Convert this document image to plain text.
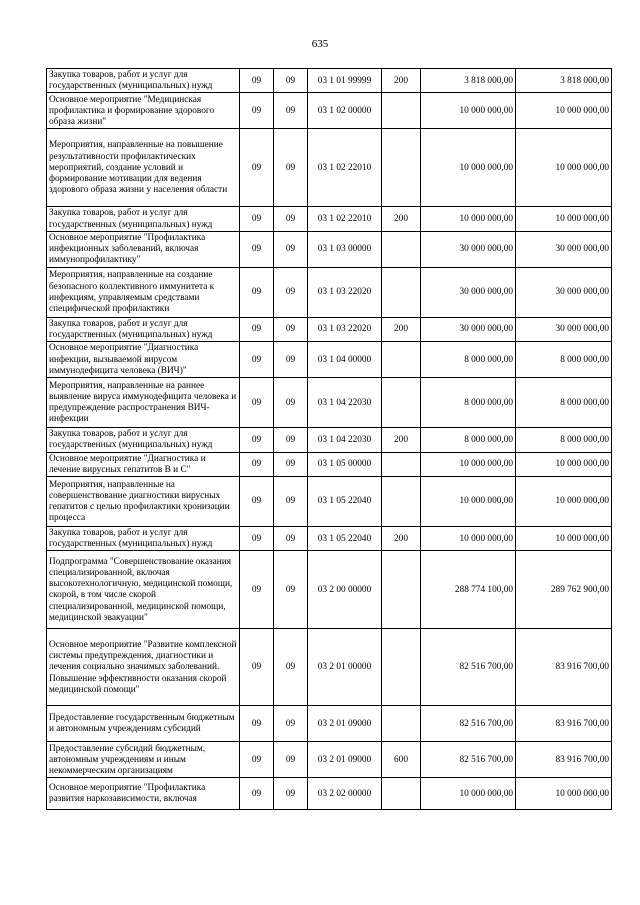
635
Закупка товаров, работ и услуг для государственных (муниципальных) нужд	09	09	03 1 01 99999	200	3 818 000,00	3 818 000,00
Основное мероприятие "Медицинская профилактика и формирование здорового образа жизни"	09	09	03 1 02 00000		10 000 000,00	10 000 000,00
Мероприятия, направленные на повышение результативности профилактических мероприятий, создание условий и формирование мотивации для ведения здорового образа жизни у населения области	09	09	03 1 02 22010		10 000 000,00	10 000 000,00
Закупка товаров, работ и услуг для государственных (муниципальных) нужд	09	09	03 1 02 22010	200	10 000 000,00	10 000 000,00
Основное мероприятие "Профилактика инфекционных заболеваний, включая иммунопрофилактику"	09	09	03 1 03 00000		30 000 000,00	30 000 000,00
Мероприятия, направленные на создание безопасного коллективного иммунитета к инфекциям, управляемым средствами специфической профилактики	09	09	03 1 03 22020		30 000 000,00	30 000 000,00
Закупка товаров, работ и услуг для государственных (муниципальных) нужд	09	09	03 1 03 22020	200	30 000 000,00	30 000 000,00
Основное мероприятие "Диагностика инфекции, вызываемой вирусом иммунодефицита человека (ВИЧ)"	09	09	03 1 04 00000		8 000 000,00	8 000 000,00
Мероприятия, направленные на раннее выявление вируса иммунодефицита человека и предупреждение распространения ВИЧ-инфекции	09	09	03 1 04 22030		8 000 000,00	8 000 000,00
Закупка товаров, работ и услуг для государственных (муниципальных) нужд	09	09	03 1 04 22030	200	8 000 000,00	8 000 000,00
Основное мероприятие "Диагностика и лечение вирусных гепатитов В и С"	09	09	03 1 05 00000		10 000 000,00	10 000 000,00
Мероприятия, направленные на совершенствование диагностики вирусных гепатитов с целью профилактики хронизации процесса	09	09	03 1 05 22040		10 000 000,00	10 000 000,00
Закупка товаров, работ и услуг для государственных (муниципальных) нужд	09	09	03 1 05 22040	200	10 000 000,00	10 000 000,00
Подпрограмма "Совершенствование оказания специализированной, включая высокотехнологичную, медицинской помощи, скорой, в том числе скорой специализированной, медицинской помощи, медицинской эвакуации"	09	09	03 2 00 00000		288 774 100,00	289 762 900,00
Основное мероприятие "Развитие комплексной системы предупреждения, диагностики и лечения социально значимых заболеваний. Повышение эффективности оказания скорой медицинской помощи"	09	09	03 2 01 00000		82 516 700,00	83 916 700,00
Предоставление государственным бюджетным и автономным учреждениям субсидий	09	09	03 2 01 09000		82 516 700,00	83 916 700,00
Предоставление субсидий бюджетным, автономным учреждениям и иным некоммерческим организациям	09	09	03 2 01 09000	600	82 516 700,00	83 916 700,00
Основное мероприятие "Профилактика развития наркозависимости, включая	09	09	03 2 02 00000		10 000 000,00	10 000 000,00
